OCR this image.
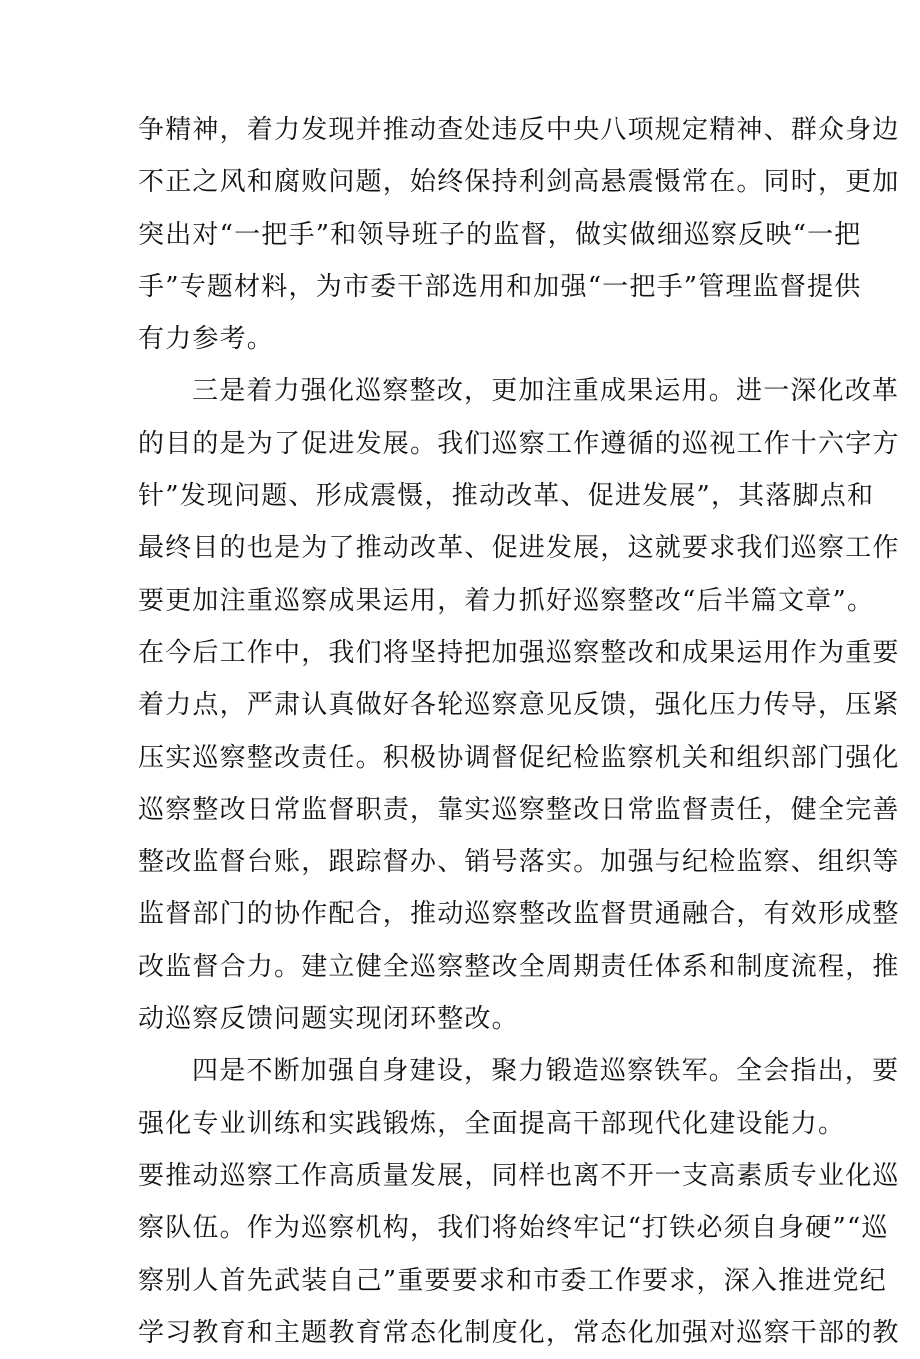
争精神，着力发现并推动查处违反中央八项规定精神、群众身边
不正之风和腐败问题，始终保持利剑高悬震慑常在。同时，更加
突出对“一把手”和领导班子的监督，做实做细巡察反映“一把
手”专题材料，为市委干部选用和加强“一把手”管理监督提供
有力参考。
三是着力强化巡察整改，更加注重成果运用。进一深化改革
的目的是为了促进发展。我们巡察工作遵循的巡视工作十六字方
针”发现问题、形成震慑，推动改革、促进发展”，其落脚点和
最终目的也是为了推动改革、促进发展，这就要求我们巡察工作
要更加注重巡察成果运用，着力抓好巡察整改“后半篇文章”。
在今后工作中，我们将坚持把加强巡察整改和成果运用作为重要
着力点，严肃认真做好各轮巡察意见反馈，强化压力传导，压紧
压实巡察整改责任。积极协调督促纪检监察机关和组织部门强化
巡察整改日常监督职责，靠实巡察整改日常监督责任，健全完善
整改监督台账，跟踪督办、销号落实。加强与纪检监察、组织等
监督部门的协作配合，推动巡察整改监督贯通融合，有效形成整
改监督合力。建立健全巡察整改全周期责任体系和制度流程，推
动巡察反馈问题实现闭环整改。
四是不断加强自身建设，聚力锻造巡察铁军。全会指出，要
强化专业训练和实践锻炼，全面提高干部现代化建设能力。
要推动巡察工作高质量发展，同样也离不开一支高素质专业化巡
察队伍。作为巡察机构，我们将始终牢记“打铁必须自身硬”“巡
察别人首先武装自己”重要要求和市委工作要求，深入推进党纪
学习教育和主题教育常态化制度化，常态化加强对巡察干部的教
